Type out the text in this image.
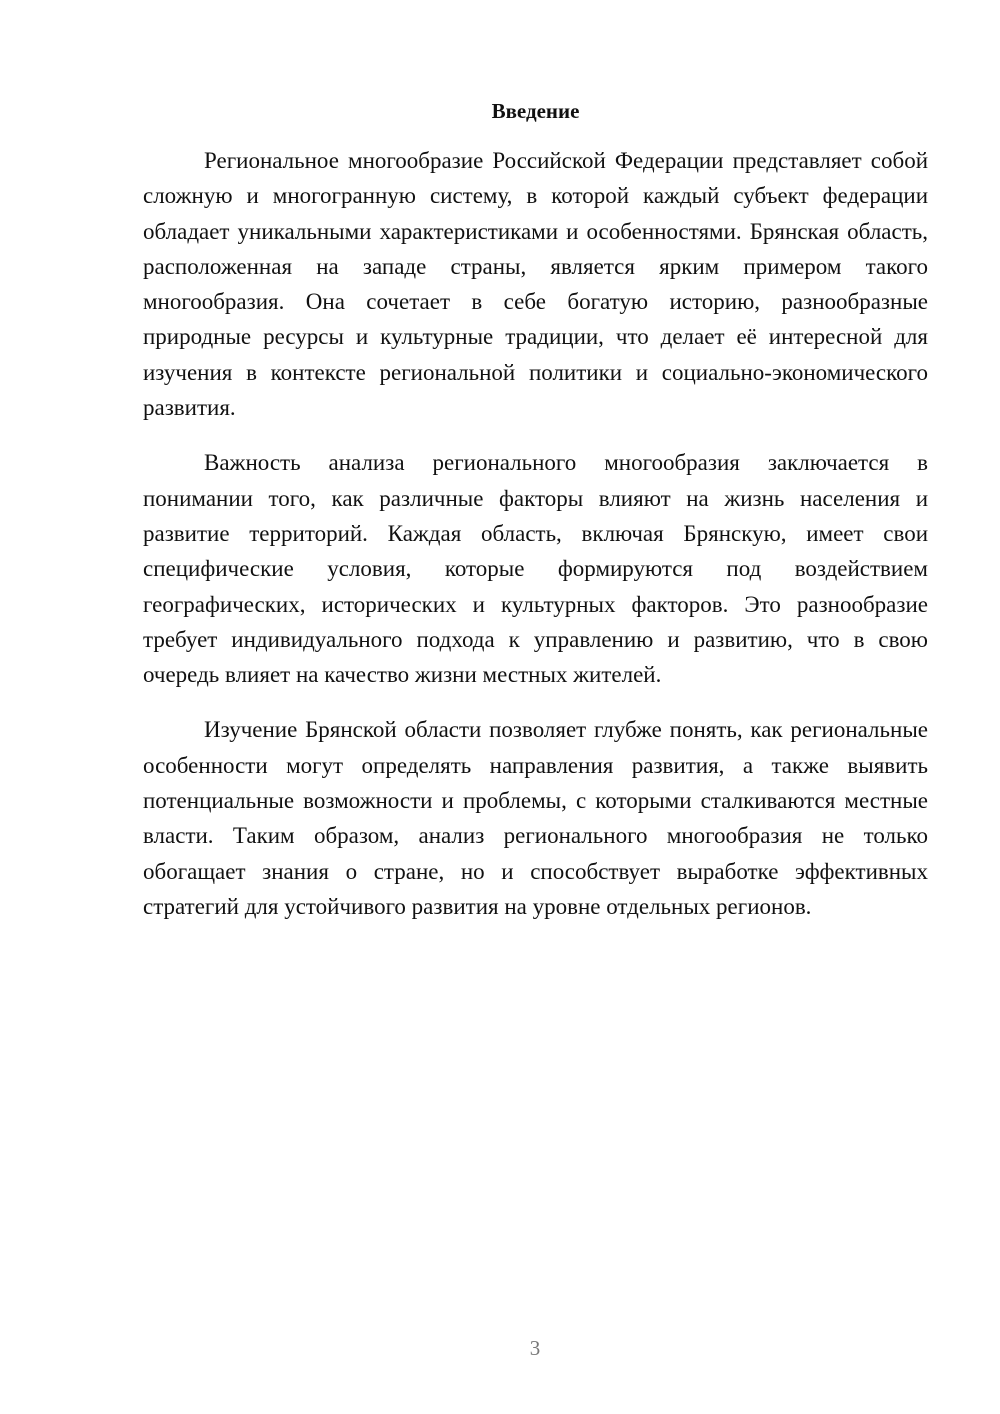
Введение

Региональное многообразие Российской Федерации представляет собой сложную и многогранную систему, в которой каждый субъект федерации обладает уникальными характеристиками и особенностями. Брянская область, расположенная на западе страны, является ярким примером такого многообразия. Она сочетает в себе богатую историю, разнообразные природные ресурсы и культурные традиции, что делает её интересной для изучения в контексте региональной политики и социально-экономического развития.

Важность анализа регионального многообразия заключается в понимании того, как различные факторы влияют на жизнь населения и развитие территорий. Каждая область, включая Брянскую, имеет свои специфические условия, которые формируются под воздействием географических, исторических и культурных факторов. Это разнообразие требует индивидуального подхода к управлению и развитию, что в свою очередь влияет на качество жизни местных жителей.

Изучение Брянской области позволяет глубже понять, как региональные особенности могут определять направления развития, а также выявить потенциальные возможности и проблемы, с которыми сталкиваются местные власти. Таким образом, анализ регионального многообразия не только обогащает знания о стране, но и способствует выработке эффективных стратегий для устойчивого развития на уровне отдельных регионов.

3
